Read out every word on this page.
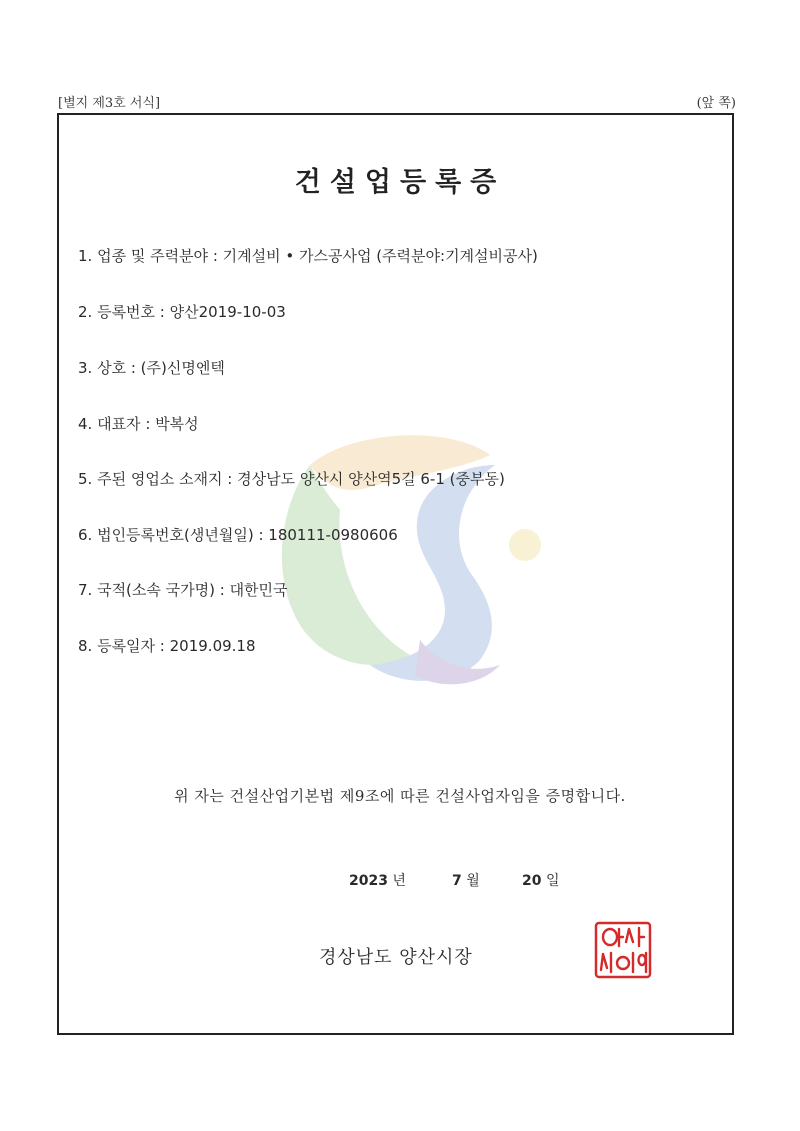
[별지 제3호 서식]	(앞 쪽)
건설업등록증
1. 업종 및 주력분야 : 기계설비 • 가스공사업 (주력분야:기계설비공사)
2. 등록번호 : 양산2019-10-03
3. 상호 : (주)신명엔텍
4. 대표자 : 박복성
5. 주된 영업소 소재지 : 경상남도 양산시 양산역5길 6-1 (중부동)
6. 법인등록번호(생년월일) : 180111-0980606
7. 국적(소속 국가명) : 대한민국
8. 등록일자 : 2019.09.18
위 자는 건설산업기본법 제9조에 따른 건설사업자임을 증명합니다.
2023 년	7 월	20 일
경상남도 양산시장
